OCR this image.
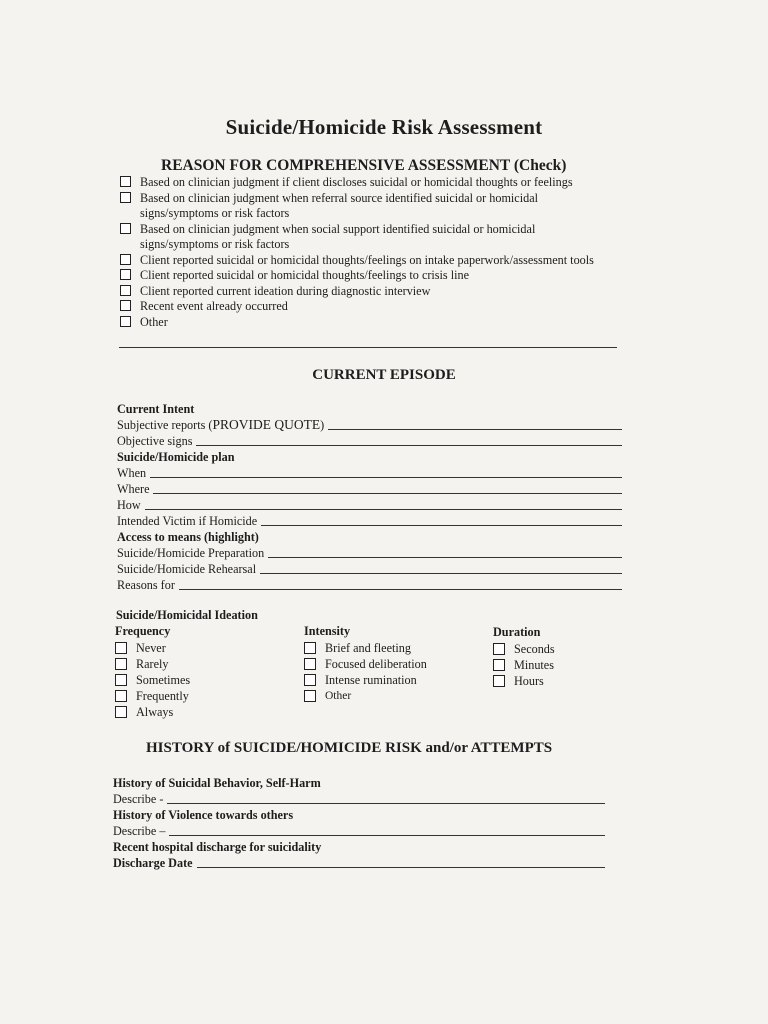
Suicide/Homicide Risk Assessment
REASON FOR COMPREHENSIVE ASSESSMENT (Check)
Based on clinician judgment if client discloses suicidal or homicidal thoughts or feelings
Based on clinician judgment when referral source identified suicidal or homicidal signs/symptoms or risk factors
Based on clinician judgment when social support identified suicidal or homicidal signs/symptoms or risk factors
Client reported suicidal or homicidal thoughts/feelings on intake paperwork/assessment tools
Client reported suicidal or homicidal thoughts/feelings to crisis line
Client reported current ideation during diagnostic interview
Recent event already occurred
Other
CURRENT EPISODE
Current Intent
Subjective reports (PROVIDE QUOTE)
Objective signs
Suicide/Homicide plan
When
Where
How
Intended Victim if Homicide
Access to means (highlight)
Suicide/Homicide Preparation
Suicide/Homicide Rehearsal
Reasons for
Suicide/Homicidal Ideation
Frequency
Never
Rarely
Sometimes
Frequently
Always
Intensity
Brief and fleeting
Focused deliberation
Intense rumination
Other
Duration
Seconds
Minutes
Hours
HISTORY of SUICIDE/HOMICIDE RISK and/or ATTEMPTS
History of Suicidal Behavior, Self-Harm
Describe -
History of Violence towards others
Describe –
Recent hospital discharge for suicidality
Discharge Date
